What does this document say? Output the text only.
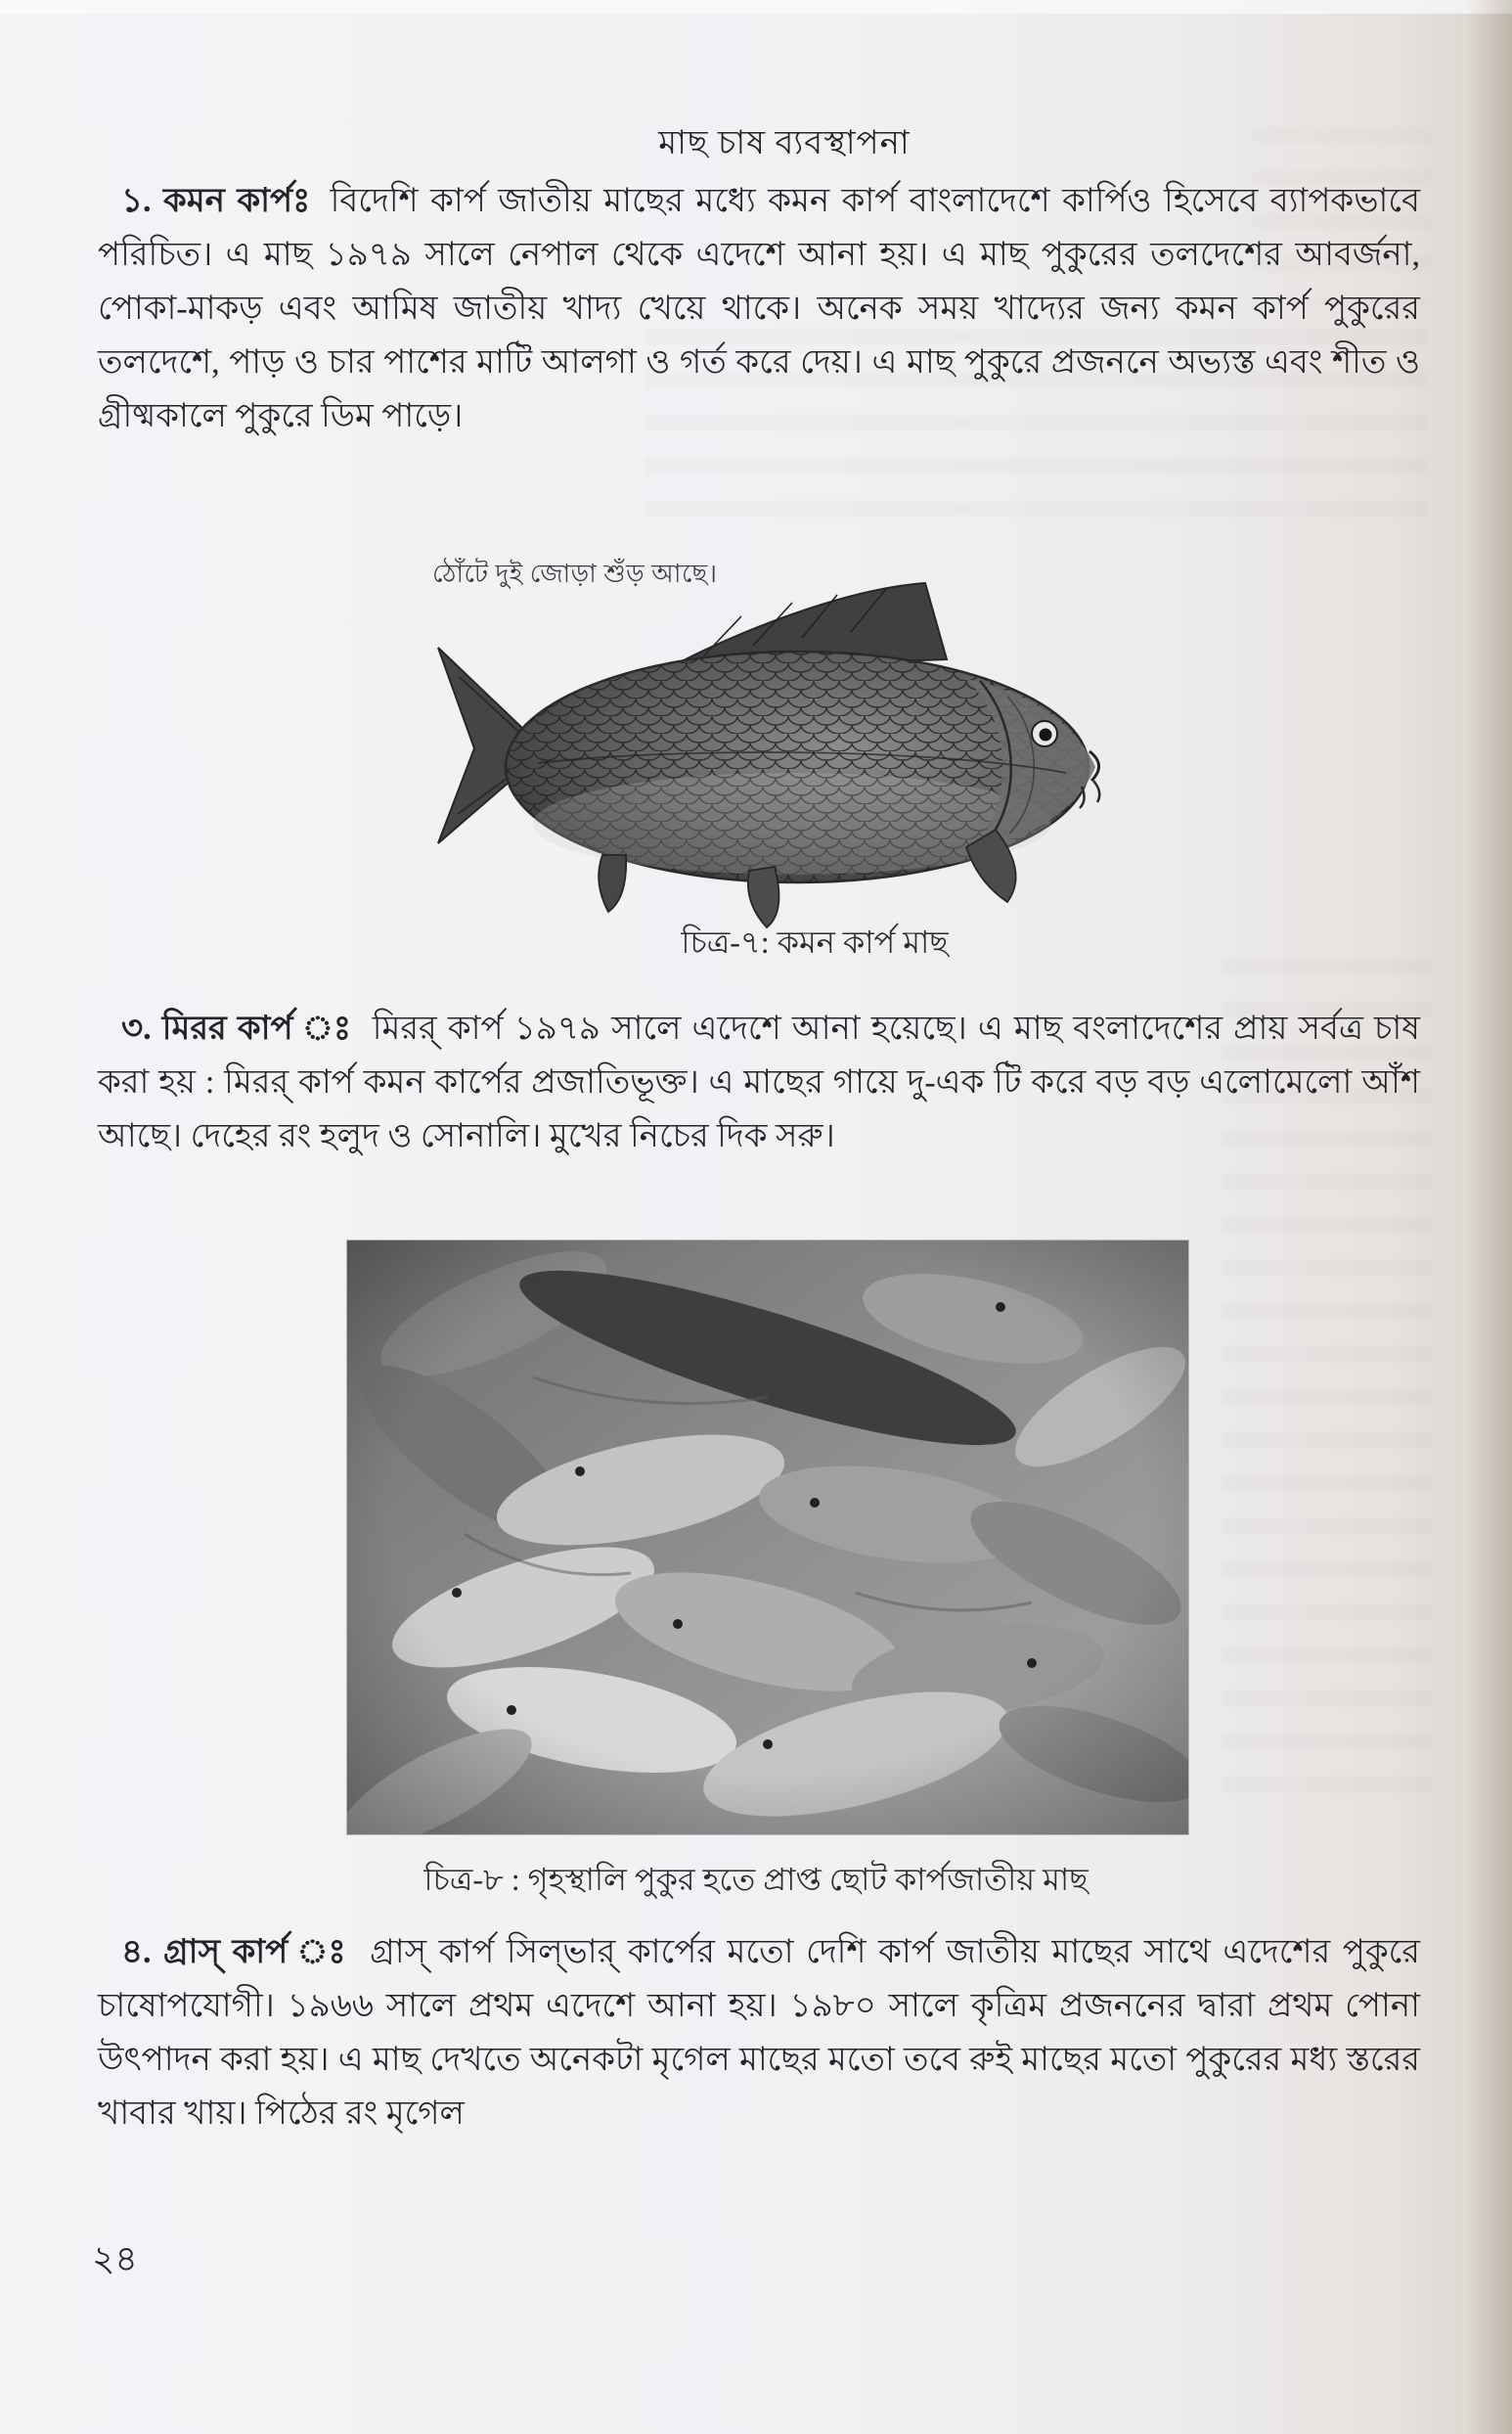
মাছ চাষ ব্যবস্থাপনা

১. কমন কার্পঃ বিদেশি কার্প জাতীয় মাছের মধ্যে কমন কার্প বাংলাদেশে কার্পিও হিসেবে ব্যাপকভাবে পরিচিত। এ মাছ ১৯৭৯ সালে নেপাল থেকে এদেশে আনা হয়। এ মাছ পুকুরের তলদেশের আবর্জনা, পোকা-মাকড় এবং আমিষ জাতীয় খাদ্য খেয়ে থাকে। অনেক সময় খাদ্যের জন্য কমন কার্প পুকুরের তলদেশে, পাড় ও চার পাশের মাটি আলগা ও গর্ত করে দেয়। এ মাছ পুকুরে প্রজননে অভ্যস্ত এবং শীত ও গ্রীষ্মকালে পুকুরে ডিম পাড়ে।

ঠোঁটে দুই জোড়া শুঁড় আছে।
চিত্র-৭: কমন কার্প মাছ

৩. মিরর কার্প ঃ মিরর্ কার্প ১৯৭৯ সালে এদেশে আনা হয়েছে। এ মাছ বংলাদেশের প্রায় সর্বত্র চাষ করা হয় : মিরর্ কার্প কমন কার্পের প্রজাতিভূক্ত। এ মাছের গায়ে দু-এক টি করে বড় বড় এলোমেলো আঁশ আছে। দেহের রং হলুদ ও সোনালি। মুখের নিচের দিক সরু।

চিত্র-৮ : গৃহস্থালি পুকুর হতে প্রাপ্ত ছোট কার্পজাতীয় মাছ

৪. গ্রাস্ কার্প ঃ গ্রাস্ কার্প সিল্‌ভার্ কার্পের মতো দেশি কার্প জাতীয় মাছের সাথে এদেশের পুকুরে চাষোপযোগী। ১৯৬৬ সালে প্রথম এদেশে আনা হয়। ১৯৮০ সালে কৃত্রিম প্রজননের দ্বারা প্রথম পোনা উৎপাদন করা হয়। এ মাছ দেখতে অনেকটা মৃগেল মাছের মতো তবে রুই মাছের মতো পুকুরের মধ্য স্তরের খাবার খায়। পিঠের রং মৃগেল

২৪
